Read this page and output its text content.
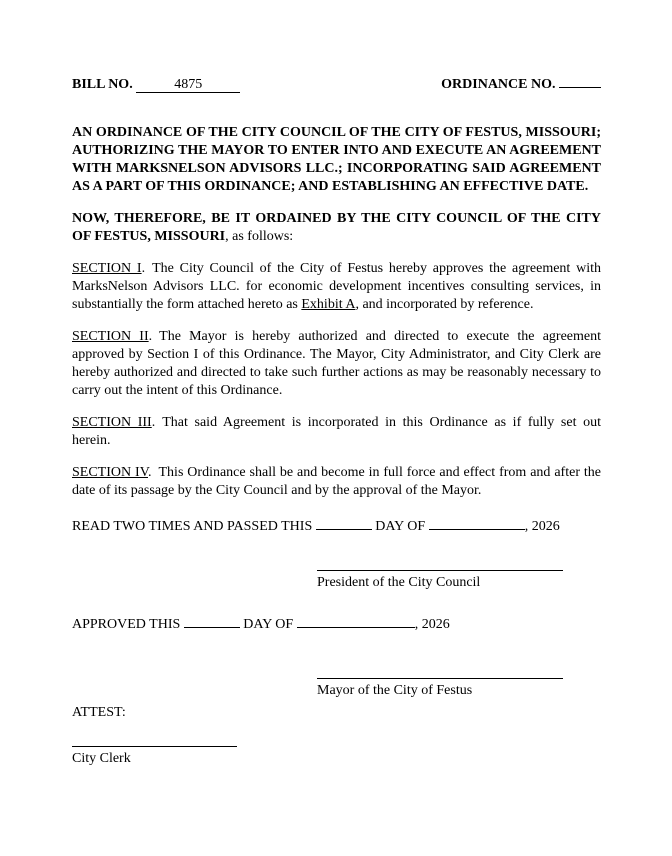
BILL NO.	4875	ORDINANCE NO.

AN ORDINANCE OF THE CITY COUNCIL OF THE CITY OF FESTUS, MISSOURI; AUTHORIZING THE MAYOR TO ENTER INTO AND EXECUTE AN AGREEMENT WITH MARKSNELSON ADVISORS LLC.; INCORPORATING SAID AGREEMENT AS A PART OF THIS ORDINANCE; AND ESTABLISHING AN EFFECTIVE DATE.

NOW, THEREFORE, BE IT ORDAINED BY THE CITY COUNCIL OF THE CITY OF FESTUS, MISSOURI, as follows:

SECTION I. The City Council of the City of Festus hereby approves the agreement with MarksNelson Advisors LLC. for economic development incentives consulting services, in substantially the form attached hereto as Exhibit A, and incorporated by reference.

SECTION II. The Mayor is hereby authorized and directed to execute the agreement approved by Section I of this Ordinance. The Mayor, City Administrator, and City Clerk are hereby authorized and directed to take such further actions as may be reasonably necessary to carry out the intent of this Ordinance.

SECTION III. That said Agreement is incorporated in this Ordinance as if fully set out herein.

SECTION IV. This Ordinance shall be and become in full force and effect from and after the date of its passage by the City Council and by the approval of the Mayor.

READ TWO TIMES AND PASSED THIS	DAY OF	, 2026

President of the City Council

APPROVED THIS	DAY OF	, 2026

Mayor of the City of Festus

ATTEST:

City Clerk
